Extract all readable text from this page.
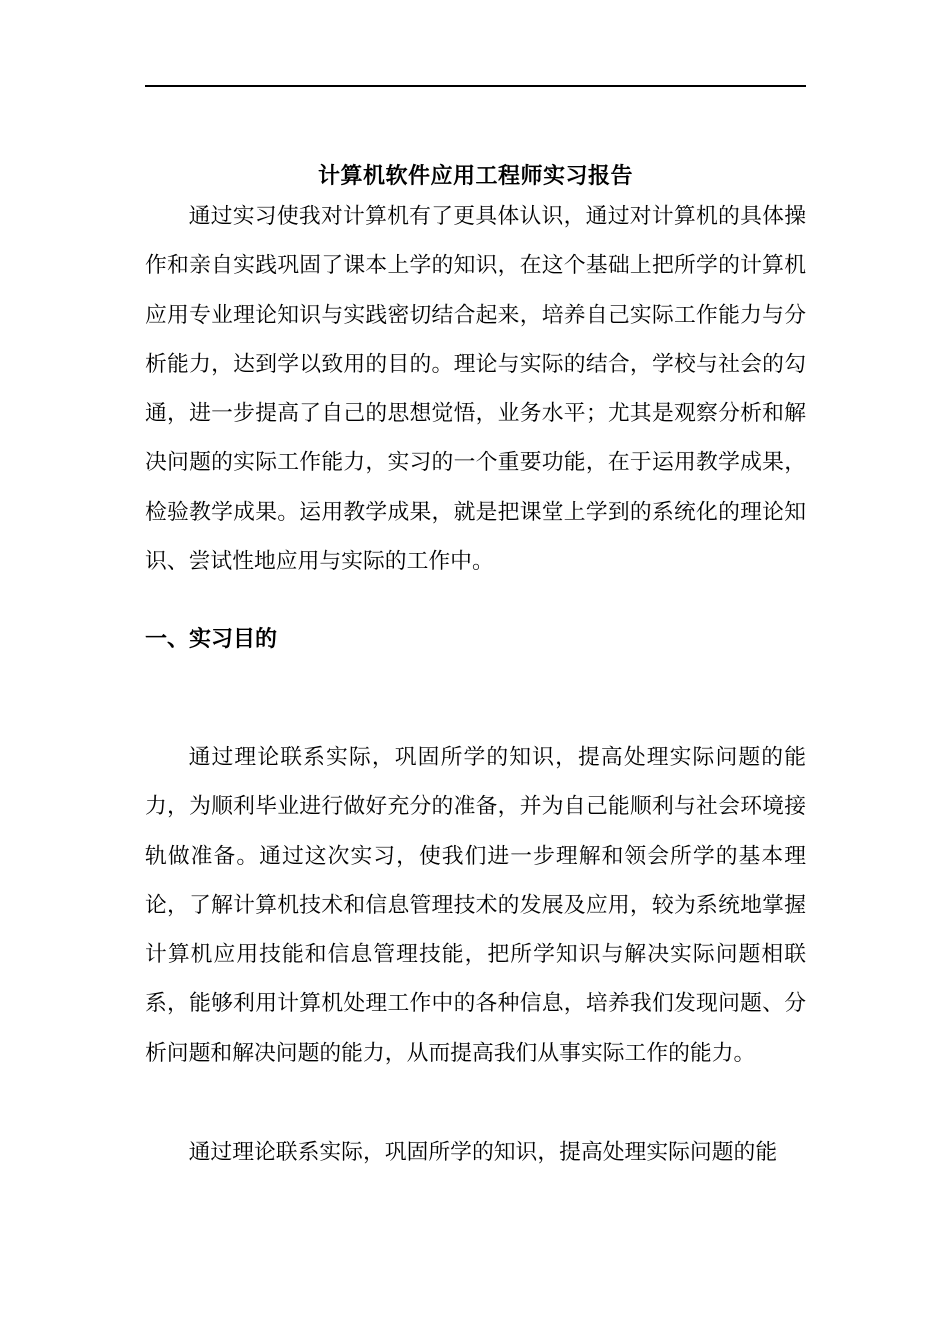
计算机软件应用工程师实习报告

通过实习使我对计算机有了更具体认识，通过对计算机的具体操作和亲自实践巩固了课本上学的知识，在这个基础上把所学的计算机应用专业理论知识与实践密切结合起来，培养自己实际工作能力与分析能力，达到学以致用的目的。理论与实际的结合，学校与社会的勾通，进一步提高了自己的思想觉悟，业务水平；尤其是观察分析和解决问题的实际工作能力，实习的一个重要功能，在于运用教学成果，检验教学成果。运用教学成果，就是把课堂上学到的系统化的理论知识、尝试性地应用与实际的工作中。

一、实习目的

通过理论联系实际，巩固所学的知识，提高处理实际问题的能力，为顺利毕业进行做好充分的准备，并为自己能顺利与社会环境接轨做准备。通过这次实习，使我们进一步理解和领会所学的基本理论，了解计算机技术和信息管理技术的发展及应用，较为系统地掌握计算机应用技能和信息管理技能，把所学知识与解决实际问题相联系，能够利用计算机处理工作中的各种信息，培养我们发现问题、分析问题和解决问题的能力，从而提高我们从事实际工作的能力。

通过理论联系实际，巩固所学的知识，提高处理实际问题的能
